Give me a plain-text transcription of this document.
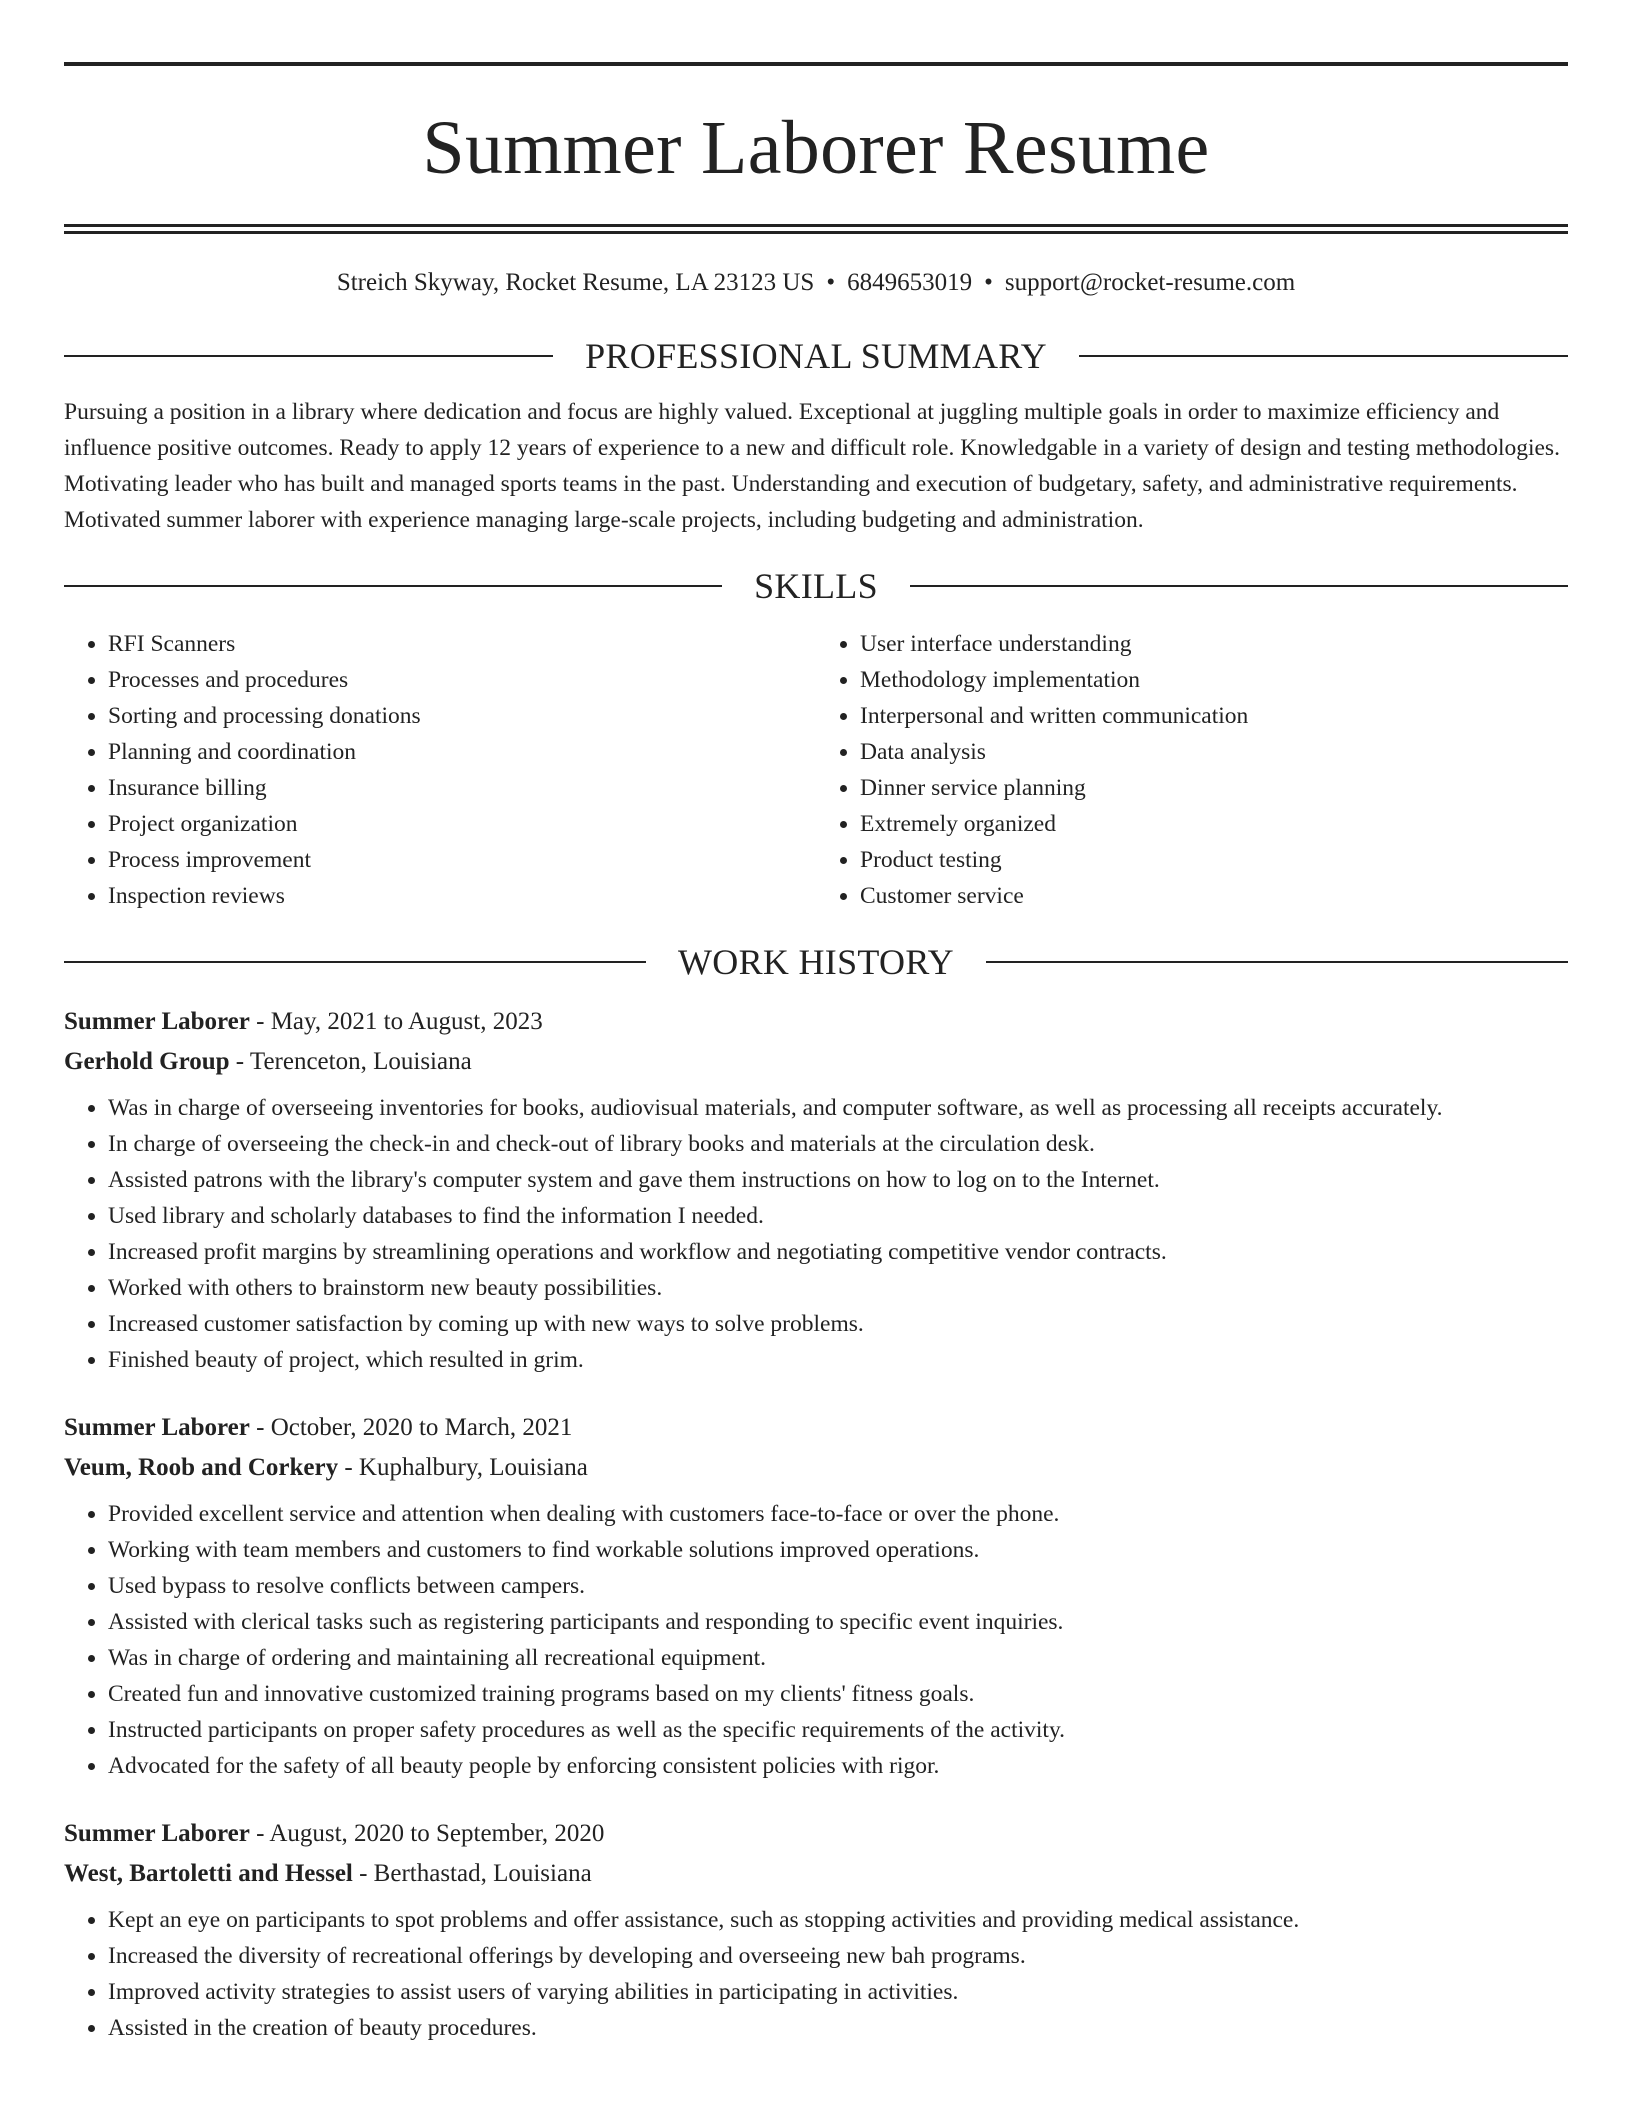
Summer Laborer Resume
Streich Skyway, Rocket Resume, LA 23123 US • 6849653019 • support@rocket-resume.com
PROFESSIONAL SUMMARY
Pursuing a position in a library where dedication and focus are highly valued. Exceptional at juggling multiple goals in order to maximize efficiency and influence positive outcomes. Ready to apply 12 years of experience to a new and difficult role. Knowledgable in a variety of design and testing methodologies. Motivating leader who has built and managed sports teams in the past. Understanding and execution of budgetary, safety, and administrative requirements. Motivated summer laborer with experience managing large-scale projects, including budgeting and administration.
SKILLS
• RFI Scanners
• Processes and procedures
• Sorting and processing donations
• Planning and coordination
• Insurance billing
• Project organization
• Process improvement
• Inspection reviews
• User interface understanding
• Methodology implementation
• Interpersonal and written communication
• Data analysis
• Dinner service planning
• Extremely organized
• Product testing
• Customer service
WORK HISTORY
Summer Laborer - May, 2021 to August, 2023
Gerhold Group - Terenceton, Louisiana
• Was in charge of overseeing inventories for books, audiovisual materials, and computer software, as well as processing all receipts accurately.
• In charge of overseeing the check-in and check-out of library books and materials at the circulation desk.
• Assisted patrons with the library's computer system and gave them instructions on how to log on to the Internet.
• Used library and scholarly databases to find the information I needed.
• Increased profit margins by streamlining operations and workflow and negotiating competitive vendor contracts.
• Worked with others to brainstorm new beauty possibilities.
• Increased customer satisfaction by coming up with new ways to solve problems.
• Finished beauty of project, which resulted in grim.
Summer Laborer - October, 2020 to March, 2021
Veum, Roob and Corkery - Kuphalbury, Louisiana
• Provided excellent service and attention when dealing with customers face-to-face or over the phone.
• Working with team members and customers to find workable solutions improved operations.
• Used bypass to resolve conflicts between campers.
• Assisted with clerical tasks such as registering participants and responding to specific event inquiries.
• Was in charge of ordering and maintaining all recreational equipment.
• Created fun and innovative customized training programs based on my clients' fitness goals.
• Instructed participants on proper safety procedures as well as the specific requirements of the activity.
• Advocated for the safety of all beauty people by enforcing consistent policies with rigor.
Summer Laborer - August, 2020 to September, 2020
West, Bartoletti and Hessel - Berthastad, Louisiana
• Kept an eye on participants to spot problems and offer assistance, such as stopping activities and providing medical assistance.
• Increased the diversity of recreational offerings by developing and overseeing new bah programs.
• Improved activity strategies to assist users of varying abilities in participating in activities.
• Assisted in the creation of beauty procedures.
